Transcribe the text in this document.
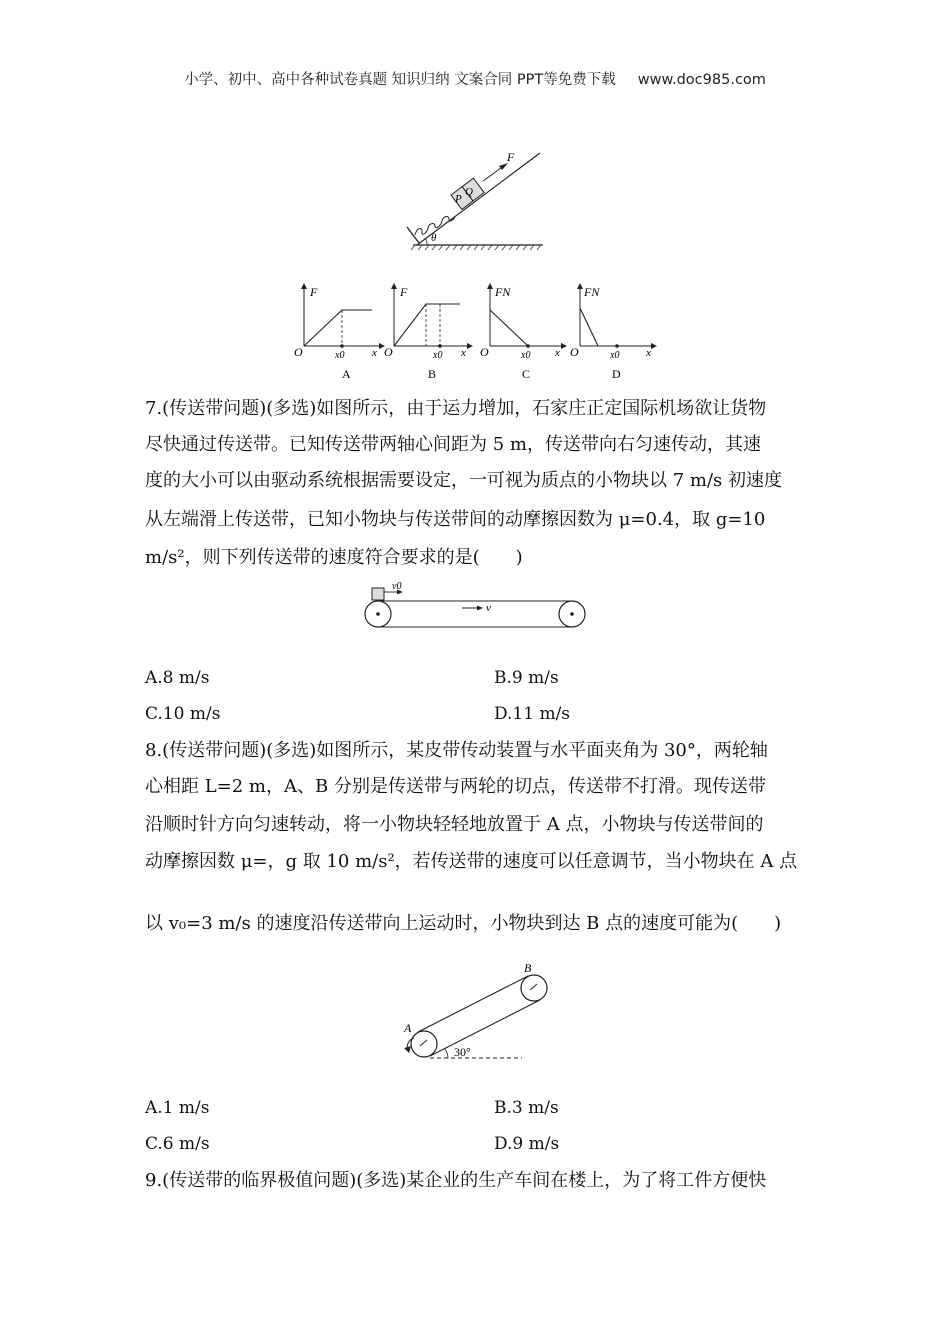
小学、初中、高中各种试卷真题 知识归纳 文案合同 PPT等免费下载 www.doc985.com
P
Q
F
θ
F
O	x0	x
A
F
O	x0 x
B
FN
O	x0 x
C
FN
O	x0 x
D
7.(传送带问题)(多选)如图所示，由于运力增加，石家庄正定国际机场欲让货物
尽快通过传送带。已知传送带两轴心间距为 5 m，传送带向右匀速传动，其速
度的大小可以由驱动系统根据需要设定，一可视为质点的小物块以 7 m/s 初速度
从左端滑上传送带，已知小物块与传送带间的动摩擦因数为 μ=0.4，取 g=10
m/s²，则下列传送带的速度符合要求的是(　　)
v0
v
A.8 m/s	B.9 m/s
C.10 m/s	D.11 m/s
8.(传送带问题)(多选)如图所示，某皮带传动装置与水平面夹角为 30°，两轮轴
心相距 L=2 m，A、B 分别是传送带与两轮的切点，传送带不打滑。现传送带
沿顺时针方向匀速转动，将一小物块轻轻地放置于 A 点，小物块与传送带间的
动摩擦因数 μ=，g 取 10 m/s²，若传送带的速度可以任意调节，当小物块在 A 点
以 v₀=3 m/s 的速度沿传送带向上运动时，小物块到达 B 点的速度可能为(　　)
30°
A
B
A.1 m/s	B.3 m/s
C.6 m/s	D.9 m/s
9.(传送带的临界极值问题)(多选)某企业的生产车间在楼上，为了将工件方便快
